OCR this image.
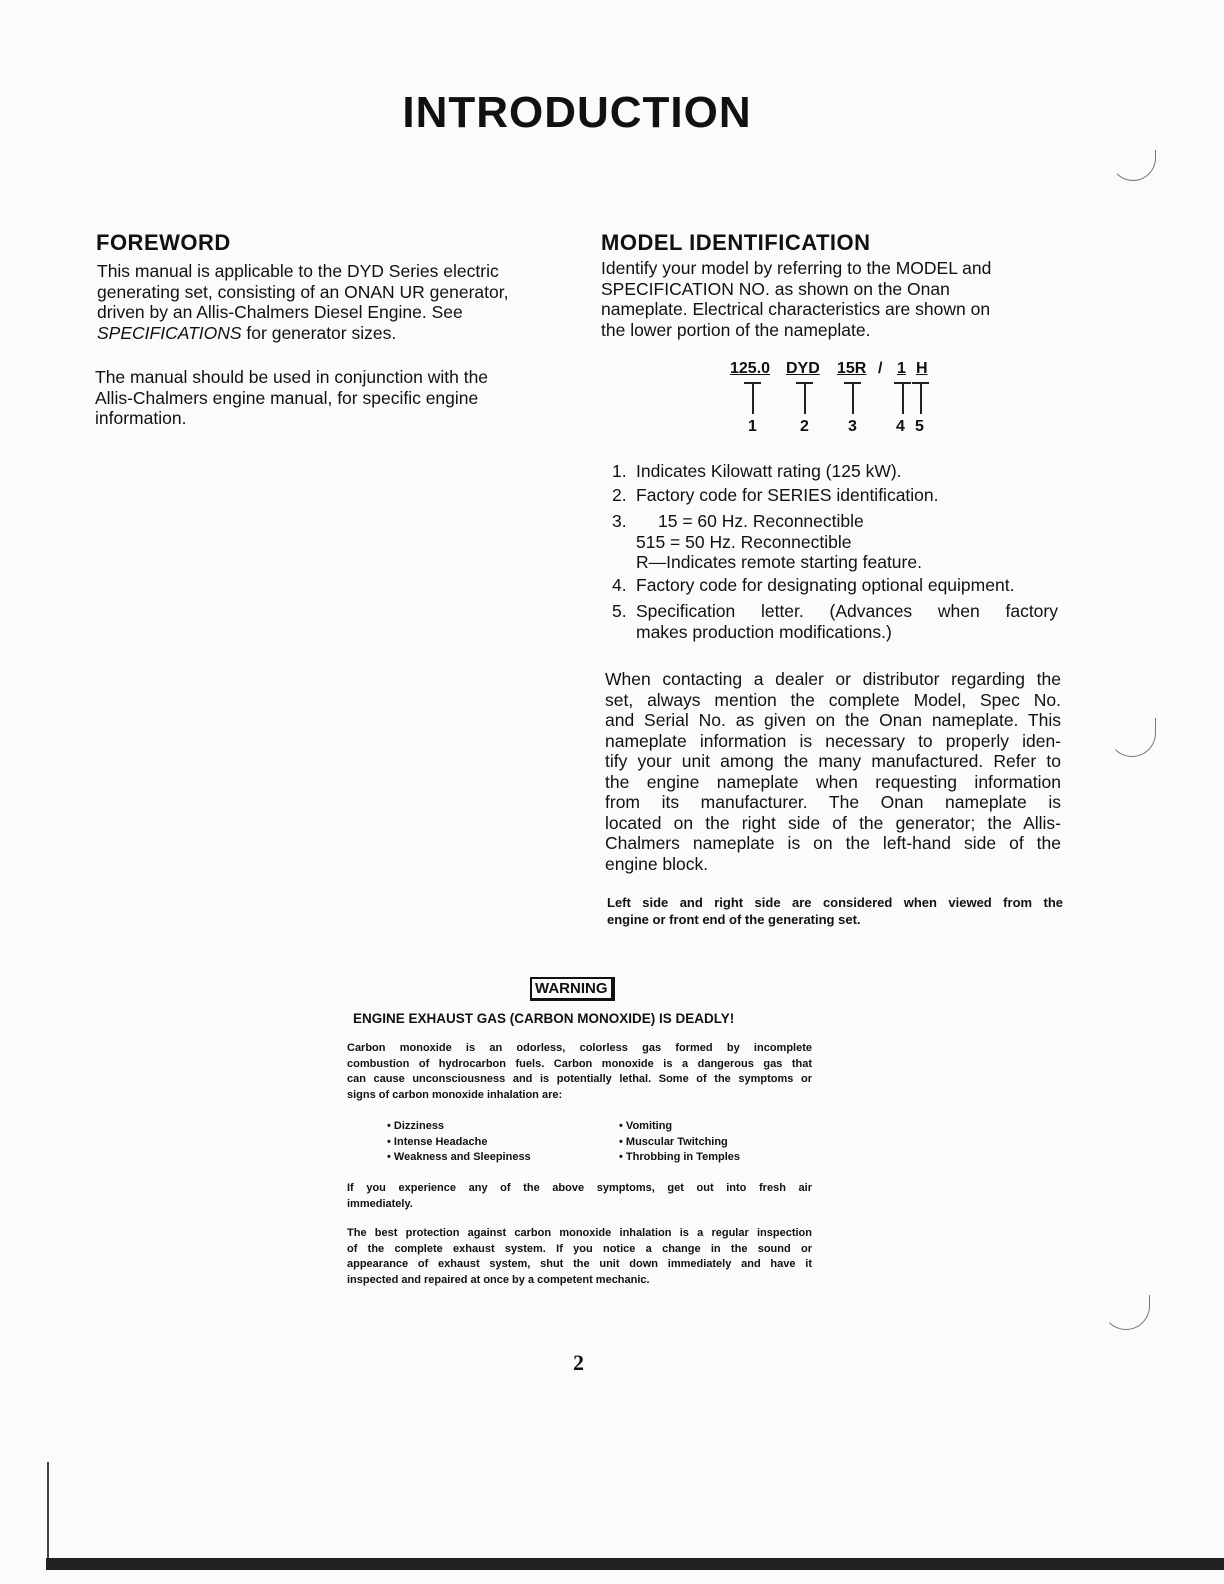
INTRODUCTION
FOREWORD
This manual is applicable to the DYD Series electric
generating set, consisting of an ONAN UR generator,
driven by an Allis-Chalmers Diesel Engine. See
SPECIFICATIONS for generator sizes.
The manual should be used in conjunction with the
Allis-Chalmers engine manual, for specific engine
information.
MODEL IDENTIFICATION
Identify your model by referring to the MODEL and
SPECIFICATION NO. as shown on the Onan
nameplate. Electrical characteristics are shown on
the lower portion of the nameplate.
125.0 DYD 15R / 1 H
1	2 3 4 5
1. Indicates Kilowatt rating (125 kW).
2. Factory code for SERIES identification.
3.	15 = 60 Hz. Reconnectible
515 = 50 Hz. Reconnectible
R—Indicates remote starting feature.
4. Factory code for designating optional equipment.
5. Specification letter. (Advances when factory
makes production modifications.)
When contacting a dealer or distributor regarding the
set, always mention the complete Model, Spec No.
and Serial No. as given on the Onan nameplate. This
nameplate information is necessary to properly iden-
tify your unit among the many manufactured. Refer to
the engine nameplate when requesting information
from its manufacturer. The Onan nameplate is
located on the right side of the generator; the Allis-
Chalmers nameplate is on the left-hand side of the
engine block.
Left side and right side are considered when viewed from the
engine or front end of the generating set.
WARNING
ENGINE EXHAUST GAS (CARBON MONOXIDE) IS DEADLY!
Carbon monoxide is an odorless, colorless gas formed by incomplete
combustion of hydrocarbon fuels. Carbon monoxide is a dangerous gas that
can cause unconsciousness and is potentially lethal. Some of the symptoms or
signs of carbon monoxide inhalation are:
• Dizziness
• Intense Headache
• Weakness and Sleepiness
• Vomiting
• Muscular Twitching
• Throbbing in Temples
If you experience any of the above symptoms, get out into fresh air
immediately.
The best protection against carbon monoxide inhalation is a regular inspection
of the complete exhaust system. If you notice a change in the sound or
appearance of exhaust system, shut the unit down immediately and have it
inspected and repaired at once by a competent mechanic.
2
